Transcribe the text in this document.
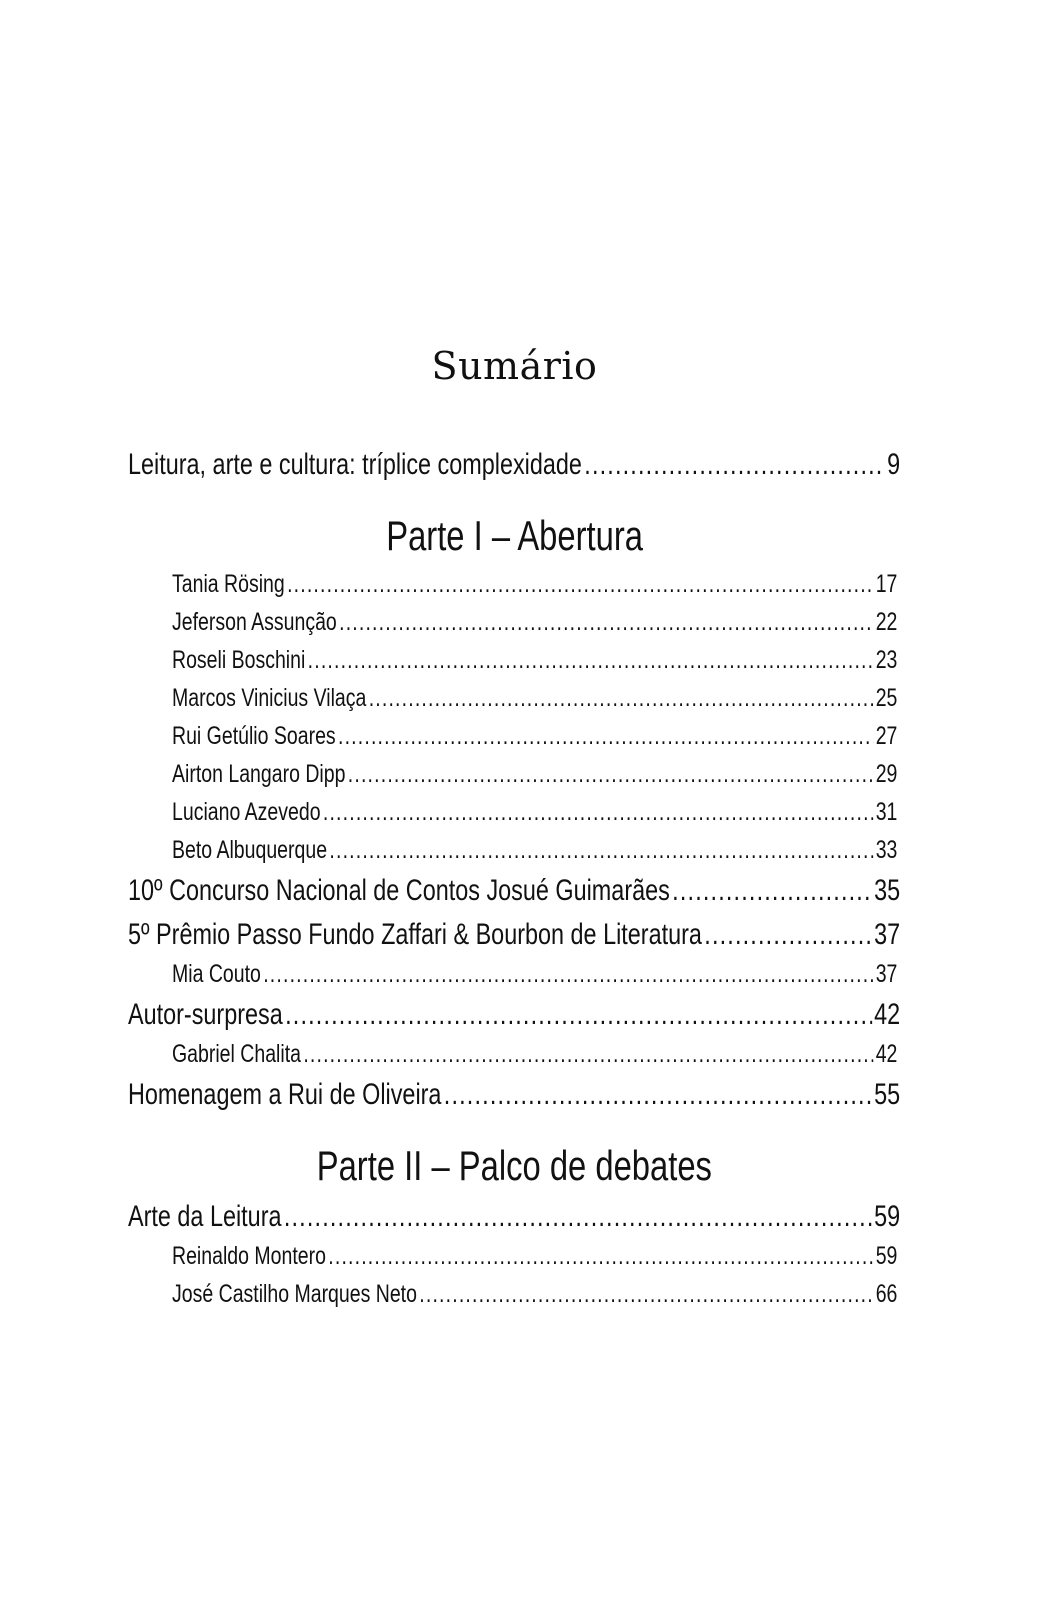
Sumário
Leitura, arte e cultura: tríplice complexidade .....	9
Parte I – Abertura
Tania Rösing .....	17
Jeferson Assunção .....	22
Roseli Boschini .....	23
Marcos Vinicius Vilaça .....	25
Rui Getúlio Soares .....	27
Airton Langaro Dipp .....	29
Luciano Azevedo .....	31
Beto Albuquerque .....	33
10º Concurso Nacional de Contos Josué Guimarães .....	35
5º Prêmio Passo Fundo Zaffari & Bourbon de Literatura .....	37
Mia Couto .....	37
Autor-surpresa .....	42
Gabriel Chalita .....	42
Homenagem a Rui de Oliveira .....	55
Parte II – Palco de debates
Arte da Leitura .....	59
Reinaldo Montero .....	59
José Castilho Marques Neto .....	66
